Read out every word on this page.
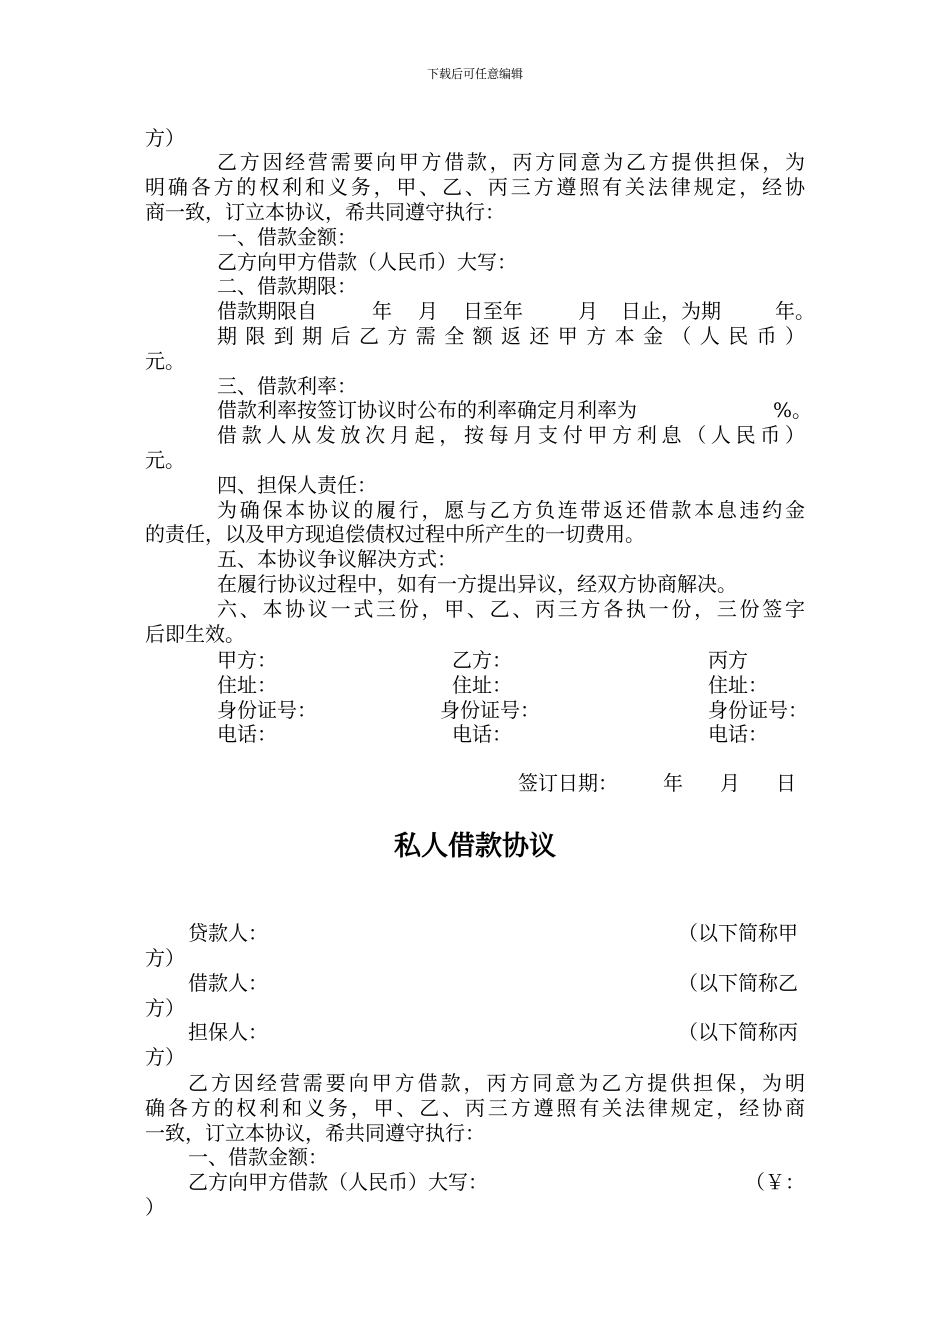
下载后可任意编辑
方）
乙方因经营需要向甲方借款，丙方同意为乙方提供担保，为
明确各方的权利和义务，甲、乙、丙三方遵照有关法律规定，经协
商一致，订立本协议，希共同遵守执行：
一、借款金额：
乙方向甲方借款（人民币）大写：
二、借款期限：
借款期限自	年 月 日至年	月 日止，为期	年。
期限到期后乙方需全额返还甲方本金（人民币）
元。
三、借款利率：
借款利率按签订协议时公布的利率确定月利率为	%。
借款人从发放次月起，按每月支付甲方利息（人民币）
元。
四、担保人责任：
为确保本协议的履行，愿与乙方负连带返还借款本息违约金
的责任，以及甲方现追偿债权过程中所产生的一切费用。
五、本协议争议解决方式：
在履行协议过程中，如有一方提出异议，经双方协商解决。
六、本协议一式三份，甲、乙、丙三方各执一份，三份签字
后即生效。
甲方：	乙方：	丙方
住址：	住址：	住址：
身份证号：	身份证号：	身份证号：
电话：	电话：	电话：
签订日期： 年 月 日
私人借款协议
贷款人：	（以下简称甲
方）
借款人：	（以下简称乙
方）
担保人：	（以下简称丙
方）
乙方因经营需要向甲方借款，丙方同意为乙方提供担保，为明
确各方的权利和义务，甲、乙、丙三方遵照有关法律规定，经协商
一致，订立本协议，希共同遵守执行：
一、借款金额：
乙方向甲方借款（人民币）大写：	（￥：
）
